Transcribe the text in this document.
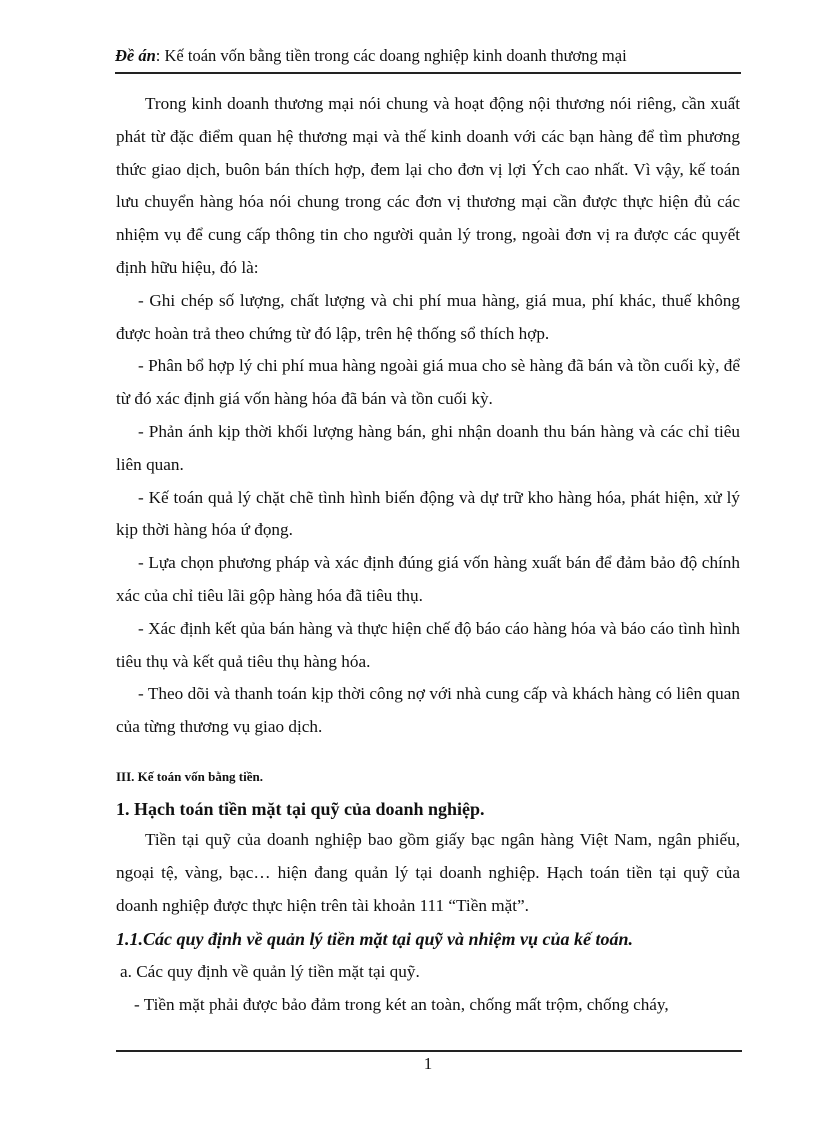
Đề án: Kế toán vốn bằng tiền trong các doang nghiệp kinh doanh thương mại

Trong kinh doanh thương mại nói chung và hoạt động nội thương nói riêng, cần xuất phát từ đặc điểm quan hệ thương mại và thế kinh doanh với các bạn hàng để tìm phương thức giao dịch, buôn bán thích hợp, đem lại cho đơn vị lợi Ých cao nhất. Vì vậy, kế toán lưu chuyển hàng hóa nói chung trong các đơn vị thương mại cần được thực hiện đủ các nhiệm vụ để cung cấp thông tin cho người quản lý trong, ngoài đơn vị ra được các quyết định hữu hiệu, đó là:

- Ghi chép số lượng, chất lượng và chi phí mua hàng, giá mua, phí khác, thuế không được hoàn trả theo chứng từ đó lập, trên hệ thống sổ thích hợp.

- Phân bổ hợp lý chi phí mua hàng ngoài giá mua cho sè hàng đã bán và tồn cuối kỳ, để từ đó xác định giá vốn hàng hóa đã bán và tồn cuối kỳ.

- Phản ánh kịp thời khối lượng hàng bán, ghi nhận doanh thu bán hàng và các chỉ tiêu liên quan.

- Kế toán quả lý chặt chẽ tình hình biến động và dự trữ kho hàng hóa, phát hiện, xử lý kịp thời hàng hóa ứ đọng.

- Lựa chọn phương pháp và xác định đúng giá vốn hàng xuất bán để đảm bảo độ chính xác của chỉ tiêu lãi gộp hàng hóa đã tiêu thụ.

- Xác định kết qủa bán hàng và thực hiện chế độ báo cáo hàng hóa và báo cáo tình hình tiêu thụ và kết quả tiêu thụ hàng hóa.

- Theo dõi và thanh toán kịp thời công nợ với nhà cung cấp và khách hàng có liên quan của từng thương vụ giao dịch.

III. Kế toán vốn bằng tiền.

1. Hạch toán tiền mặt tại quỹ của doanh nghiệp.

Tiền tại quỹ của doanh nghiệp bao gồm giấy bạc ngân hàng Việt Nam, ngân phiếu, ngoại tệ, vàng, bạc… hiện đang quản lý tại doanh nghiệp. Hạch toán tiền tại quỹ của doanh nghiệp được thực hiện trên tài khoản 111 “Tiền mặt”.

1.1.Các quy định về quản lý tiền mặt tại quỹ và nhiệm vụ của kế toán.

a. Các quy định về quản lý tiền mặt tại quỹ.

- Tiền mặt phải được bảo đảm trong két an toàn, chống mất trộm, chống cháy,

1
